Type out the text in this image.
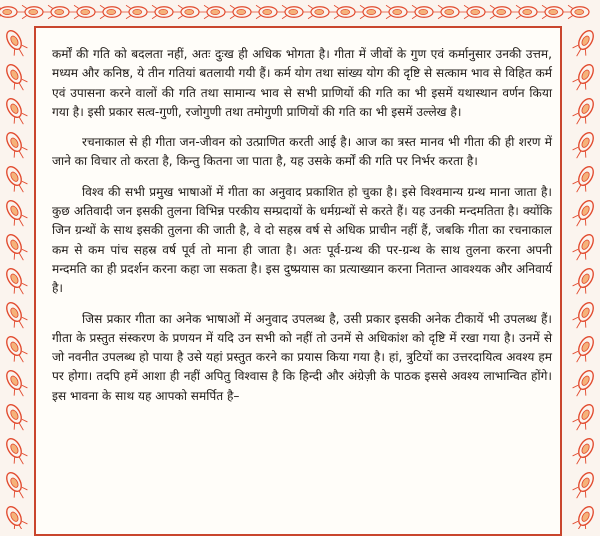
कर्मों की गति को बदलता नहीं, अतः दुःख ही अधिक भोगता है। गीता में जीवों के गुण एवं कर्मानुसार उनकी उत्तम, मध्यम और कनिष्ठ, ये तीन गतियां बतलायी गयी हैं। कर्म योग तथा सांख्य योग की दृष्टि से सत्काम भाव से विहित कर्म एवं उपासना करने वालों की गति तथा सामान्य भाव से सभी प्राणियों की गति का भी इसमें यथास्थान वर्णन किया गया है। इसी प्रकार सत्व-गुणी, रजोगुणी तथा तमोगुणी प्राणियों की गति का भी इसमें उल्लेख है।

रचनाकाल से ही गीता जन-जीवन को उत्प्राणित करती आई है। आज का त्रस्त मानव भी गीता की ही शरण में जाने का विचार तो करता है, किन्तु कितना जा पाता है, यह उसके कर्मों की गति पर निर्भर करता है।

विश्व की सभी प्रमुख भाषाओं में गीता का अनुवाद प्रकाशित हो चुका है। इसे विश्वमान्य ग्रन्थ माना जाता है। कुछ अतिवादी जन इसकी तुलना विभिन्न परकीय सम्प्रदायों के धर्मग्रन्थों से करते हैं। यह उनकी मन्दमतिता है। क्योंकि जिन ग्रन्थों के साथ इसकी तुलना की जाती है, वे दो सहस्र वर्ष से अधिक प्राचीन नहीं हैं, जबकि गीता का रचनाकाल कम से कम पांच सहस्र वर्ष पूर्व तो माना ही जाता है। अतः पूर्व-ग्रन्थ की पर-ग्रन्थ के साथ तुलना करना अपनी मन्दमति का ही प्रदर्शन करना कहा जा सकता है। इस दुष्प्रयास का प्रत्याख्यान करना नितान्त आवश्यक और अनिवार्य है।

जिस प्रकार गीता का अनेक भाषाओं में अनुवाद उपलब्ध है, उसी प्रकार इसकी अनेक टीकायें भी उपलब्ध हैं। गीता के प्रस्तुत संस्करण के प्रणयन में यदि उन सभी को नहीं तो उनमें से अधिकांश को दृष्टि में रखा गया है। उनमें से जो नवनीत उपलब्ध हो पाया है उसे यहां प्रस्तुत करने का प्रयास किया गया है। हां, त्रुटियों का उत्तरदायित्व अवश्य हम पर होगा। तदपि हमें आशा ही नहीं अपितु विश्वास है कि हिन्दी और अंग्रेज़ी के पाठक इससे अवश्य लाभान्वित होंगे। इस भावना के साथ यह आपको समर्पित है–
